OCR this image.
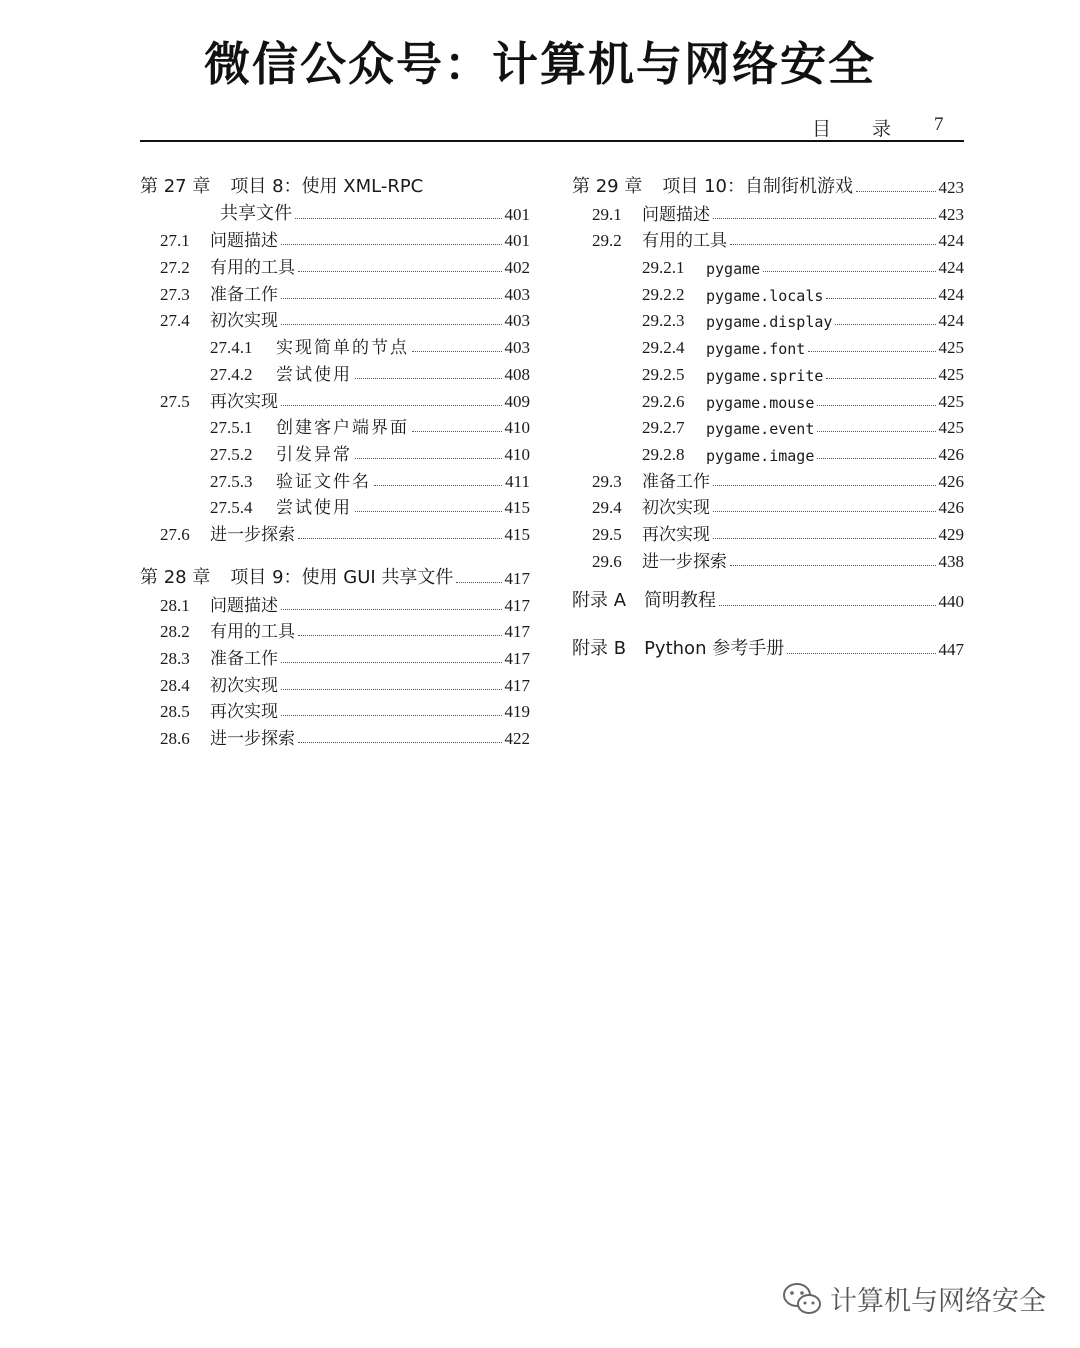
微信公众号：计算机与网络安全
目 录 7
第 27 章	项目 8：使用 XML-RPC
共享文件	401
27.1	问题描述	401
27.2	有用的工具	402
27.3	准备工作	403
27.4	初次实现	403
27.4.1	实现简单的节点	403
27.4.2	尝试使用	408
27.5	再次实现	409
27.5.1	创建客户端界面	410
27.5.2	引发异常	410
27.5.3	验证文件名	411
27.5.4	尝试使用	415
27.6	进一步探索	415
第 28 章	项目 9：使用 GUI 共享文件	417
28.1	问题描述	417
28.2	有用的工具	417
28.3	准备工作	417
28.4	初次实现	417
28.5	再次实现	419
28.6	进一步探索	422
第 29 章	项目 10：自制街机游戏	423
29.1	问题描述	423
29.2	有用的工具	424
29.2.1	pygame	424
29.2.2	pygame.locals	424
29.2.3	pygame.display	424
29.2.4	pygame.font	425
29.2.5	pygame.sprite	425
29.2.6	pygame.mouse	425
29.2.7	pygame.event	425
29.2.8	pygame.image	426
29.3	准备工作	426
29.4	初次实现	426
29.5	再次实现	429
29.6	进一步探索	438
附录 A	简明教程	440
附录 B	Python 参考手册	447
计算机与网络安全
